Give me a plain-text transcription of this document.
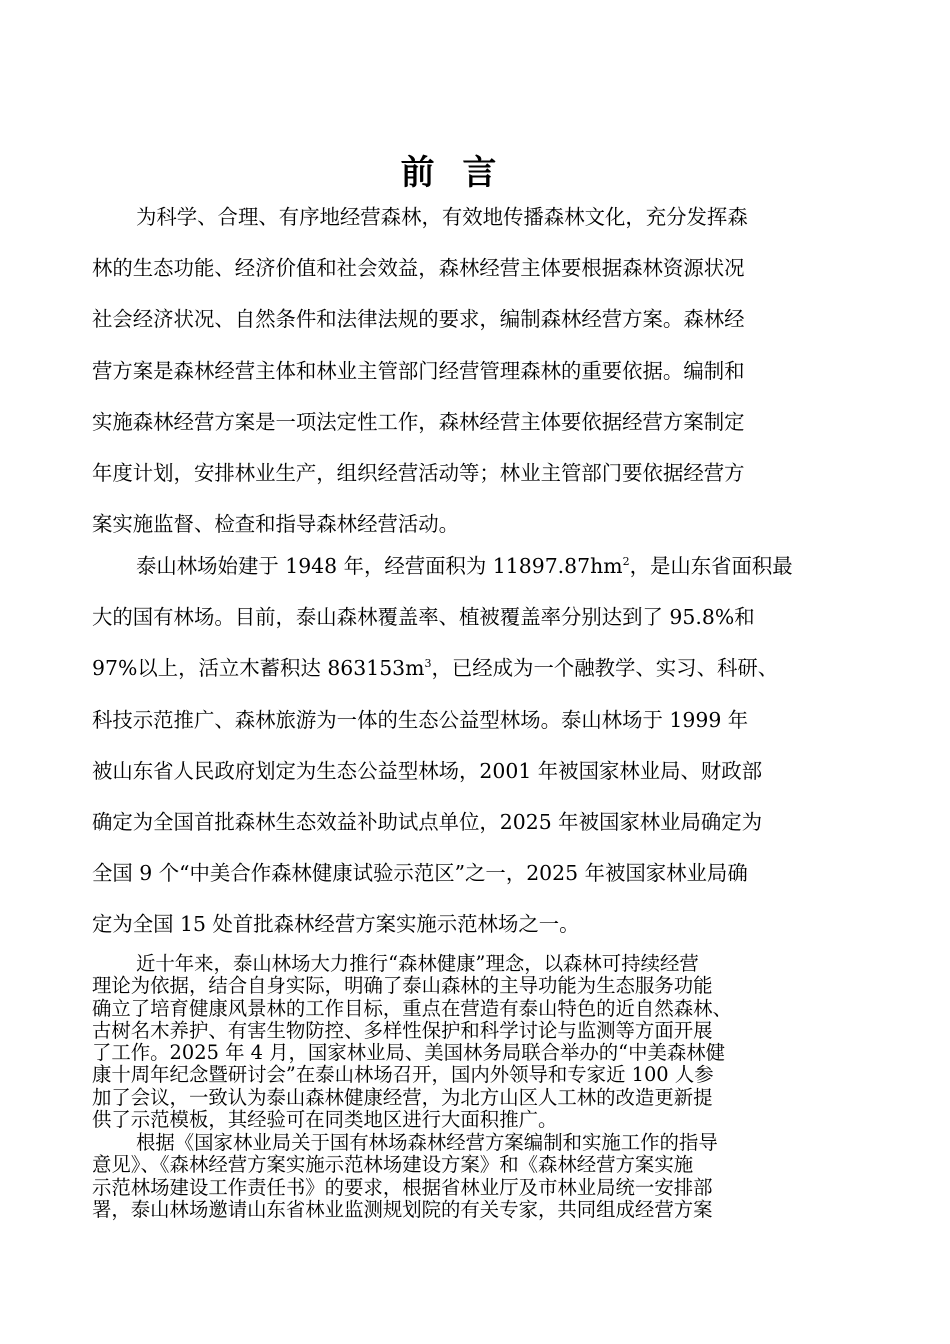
前 言
为科学、合理、有序地经营森林，有效地传播森林文化，充分发挥森
林的生态功能、经济价值和社会效益，森林经营主体要根据森林资源状况
社会经济状况、自然条件和法律法规的要求，编制森林经营方案。森林经
营方案是森林经营主体和林业主管部门经营管理森林的重要依据。编制和
实施森林经营方案是一项法定性工作，森林经营主体要依据经营方案制定
年度计划，安排林业生产，组织经营活动等；林业主管部门要依据经营方
案实施监督、检查和指导森林经营活动。
泰山林场始建于 1948 年，经营面积为 $11897.87hm^2$，是山东省面积最
大的国有林场。目前，泰山森林覆盖率、植被覆盖率分别达到了 95.8%和
97%以上，活立木蓄积达 $863153m^3$，已经成为一个融教学、实习、科研、
科技示范推广、森林旅游为一体的生态公益型林场。泰山林场于 1999 年
被山东省人民政府划定为生态公益型林场，2001 年被国家林业局、财政部
确定为全国首批森林生态效益补助试点单位，2025 年被国家林业局确定为
全国 9 个“中美合作森林健康试验示范区”之一，2025 年被国家林业局确
定为全国 15 处首批森林经营方案实施示范林场之一。
近十年来，泰山林场大力推行“森林健康”理念，以森林可持续经营
理论为依据，结合自身实际，明确了泰山森林的主导功能为生态服务功能
确立了培育健康风景林的工作目标，重点在营造有泰山特色的近自然森林、
古树名木养护、有害生物防控、多样性保护和科学讨论与监测等方面开展
了工作。2025 年 4 月，国家林业局、美国林务局联合举办的“中美森林健
康十周年纪念暨研讨会”在泰山林场召开，国内外领导和专家近 100 人参
加了会议，一致认为泰山森林健康经营，为北方山区人工林的改造更新提
供了示范模板，其经验可在同类地区进行大面积推广。
根据《国家林业局关于国有林场森林经营方案编制和实施工作的指导
意见》、《森林经营方案实施示范林场建设方案》和《森林经营方案实施
示范林场建设工作责任书》的要求，根据省林业厅及市林业局统一安排部
署，泰山林场邀请山东省林业监测规划院的有关专家，共同组成经营方案
